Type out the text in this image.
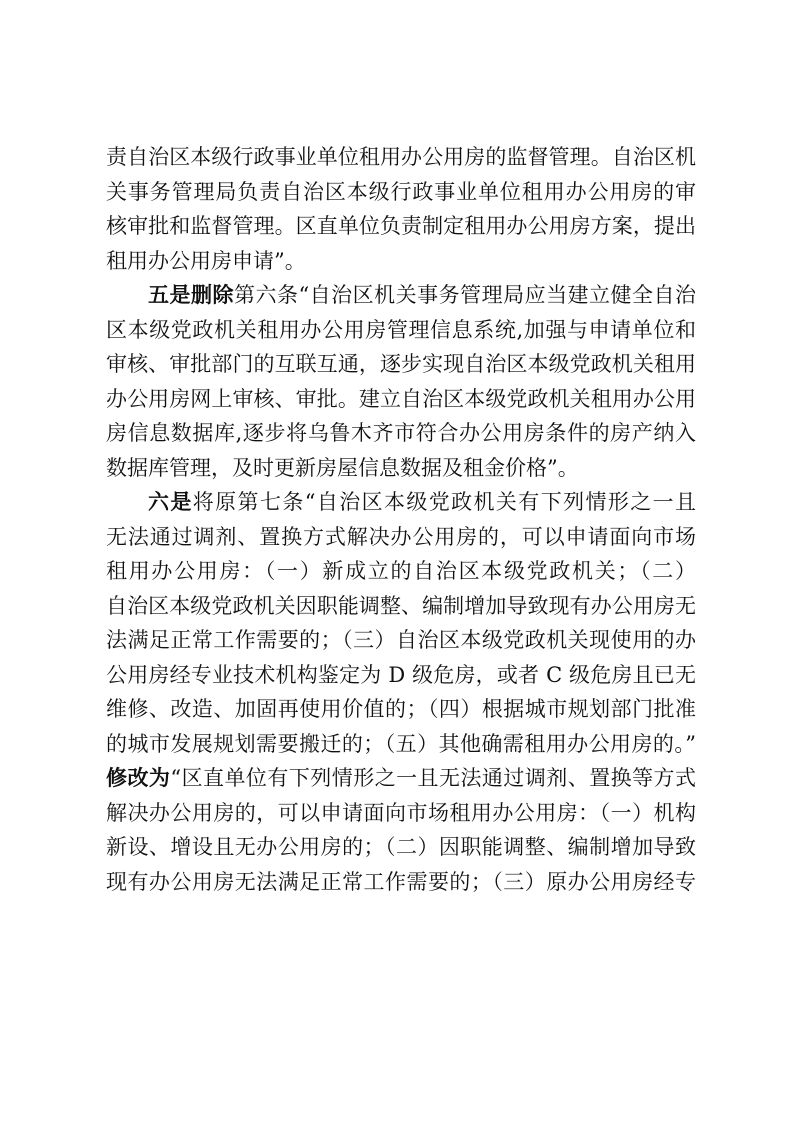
责自治区本级行政事业单位租用办公用房的监督管理。自治区机
关事务管理局负责自治区本级行政事业单位租用办公用房的审
核审批和监督管理。区直单位负责制定租用办公用房方案，提出
租用办公用房申请”。
五是删除第六条“自治区机关事务管理局应当建立健全自治
区本级党政机关租用办公用房管理信息系统,加强与申请单位和
审核、审批部门的互联互通，逐步实现自治区本级党政机关租用
办公用房网上审核、审批。建立自治区本级党政机关租用办公用
房信息数据库,逐步将乌鲁木齐市符合办公用房条件的房产纳入
数据库管理，及时更新房屋信息数据及租金价格”。
六是将原第七条“自治区本级党政机关有下列情形之一且
无法通过调剂、置换方式解决办公用房的，可以申请面向市场
租用办公用房：（一）新成立的自治区本级党政机关；（二）
自治区本级党政机关因职能调整、编制增加导致现有办公用房无
法满足正常工作需要的；（三）自治区本级党政机关现使用的办
公用房经专业技术机构鉴定为 D 级危房，或者 C 级危房且已无
维修、改造、加固再使用价值的；（四）根据城市规划部门批准
的城市发展规划需要搬迁的；（五）其他确需租用办公用房的。”
修改为“区直单位有下列情形之一且无法通过调剂、置换等方式
解决办公用房的，可以申请面向市场租用办公用房：（一）机构
新设、增设且无办公用房的；（二）因职能调整、编制增加导致
现有办公用房无法满足正常工作需要的；（三）原办公用房经专
